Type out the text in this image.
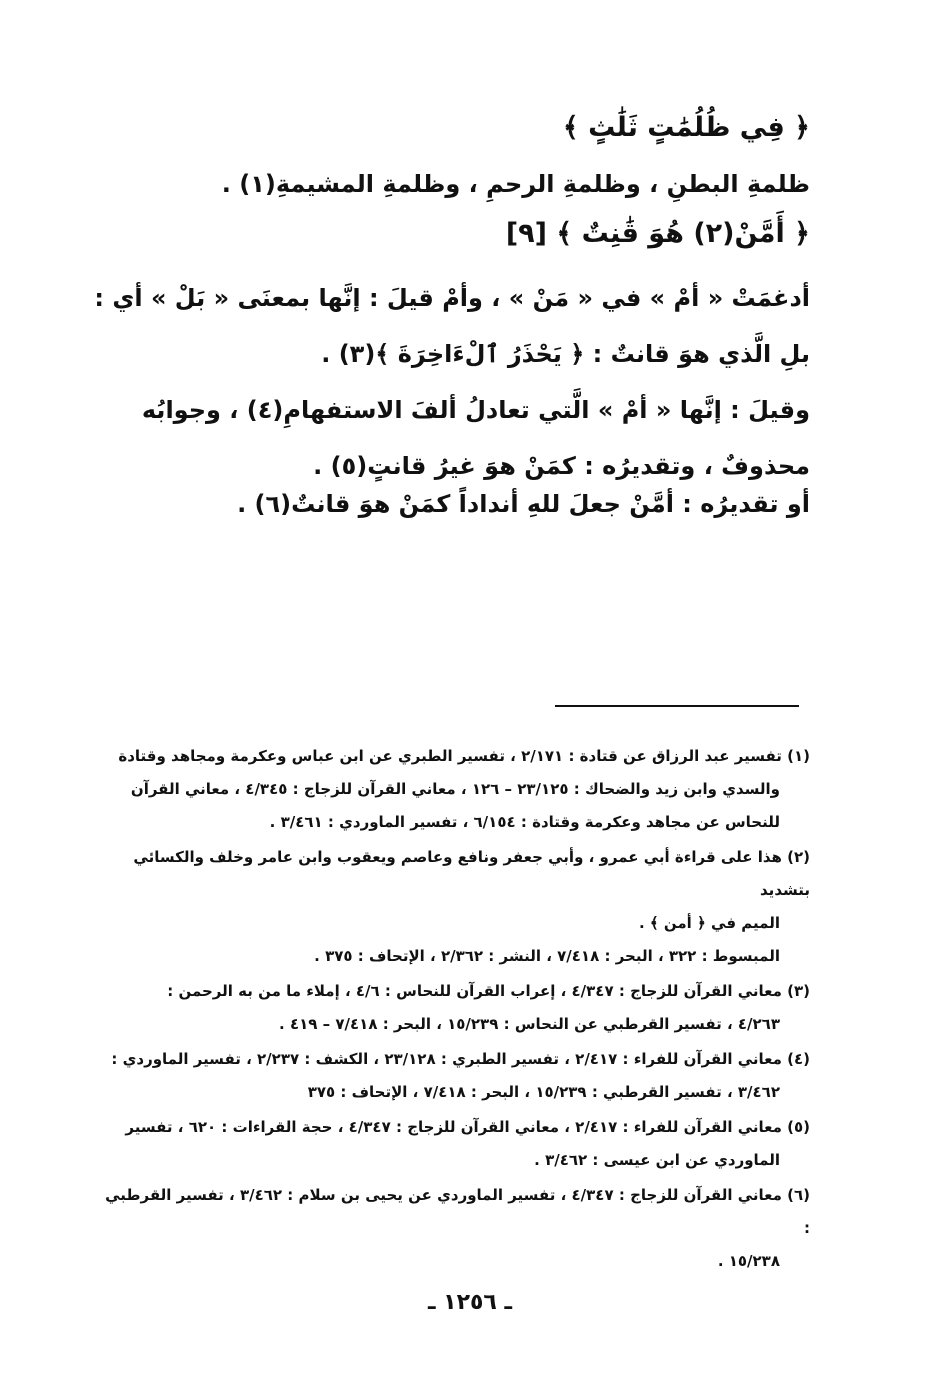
﴿ فِي ظُلُمَٰتٍ ثَلَٰثٍ ﴾
ظلمةِ البطنِ ، وظلمةِ الرحمِ ، وظلمةِ المشيمةِ(١) .
﴿ أَمَّنْ(٢) هُوَ قَٰنِتٌ ﴾ [٩]
أدغمَتْ « أمْ » في « مَنْ » ، وأمْ قيلَ : إنَّها بمعنَى « بَلْ » أي : بلِ الَّذي هوَ قانتٌ : ﴿ يَحْذَرُ ٱلْءَاخِرَةَ ﴾(٣) .
وقيلَ : إنَّها « أمْ » الَّتي تعادلُ ألفَ الاستفهامِ(٤) ، وجوابُه محذوفٌ ، وتقديرُه : كمَنْ هوَ غيرُ قانتٍ(٥) .
أو تقديرُه : أمَّنْ جعلَ للهِ أنداداً كمَنْ هوَ قانتٌ(٦) .
(١) تفسير عبد الرزاق عن قتادة : ٢/١٧١ ، تفسير الطبري عن ابن عباس وعكرمة ومجاهد وقتادة
والسدي وابن زيد والضحاك : ٢٣/١٢٥ – ١٢٦ ، معاني القرآن للزجاج : ٤/٣٤٥ ، معاني القرآن
للنحاس عن مجاهد وعكرمة وقتادة : ٦/١٥٤ ، تفسير الماوردي : ٣/٤٦١ .
(٢) هذا على قراءة أبي عمرو ، وأبي جعفر ونافع وعاصم ويعقوب وابن عامر وخلف والكسائي بتشديد
الميم في ﴿ أمن ﴾ .
المبسوط : ٣٢٢ ، البحر : ٧/٤١٨ ، النشر : ٢/٣٦٢ ، الإتحاف : ٣٧٥ .
(٣) معاني القرآن للزجاج : ٤/٣٤٧ ، إعراب القرآن للنحاس : ٤/٦ ، إملاء ما من به الرحمن :
٤/٢٦٣ ، تفسير القرطبي عن النحاس : ١٥/٢٣٩ ، البحر : ٧/٤١٨ – ٤١٩ .
(٤) معاني القرآن للفراء : ٢/٤١٧ ، تفسير الطبري : ٢٣/١٢٨ ، الكشف : ٢/٢٣٧ ، تفسير الماوردي :
٣/٤٦٢ ، تفسير القرطبي : ١٥/٢٣٩ ، البحر : ٧/٤١٨ ، الإتحاف : ٣٧٥
(٥) معاني القرآن للفراء : ٢/٤١٧ ، معاني القرآن للزجاج : ٤/٣٤٧ ، حجة القراءات : ٦٢٠ ، تفسير
الماوردي عن ابن عيسى : ٣/٤٦٢ .
(٦) معاني القرآن للزجاج : ٤/٣٤٧ ، تفسير الماوردي عن يحيى بن سلام : ٣/٤٦٢ ، تفسير القرطبي :
١٥/٢٣٨ .
ـ ١٢٥٦ ـ
